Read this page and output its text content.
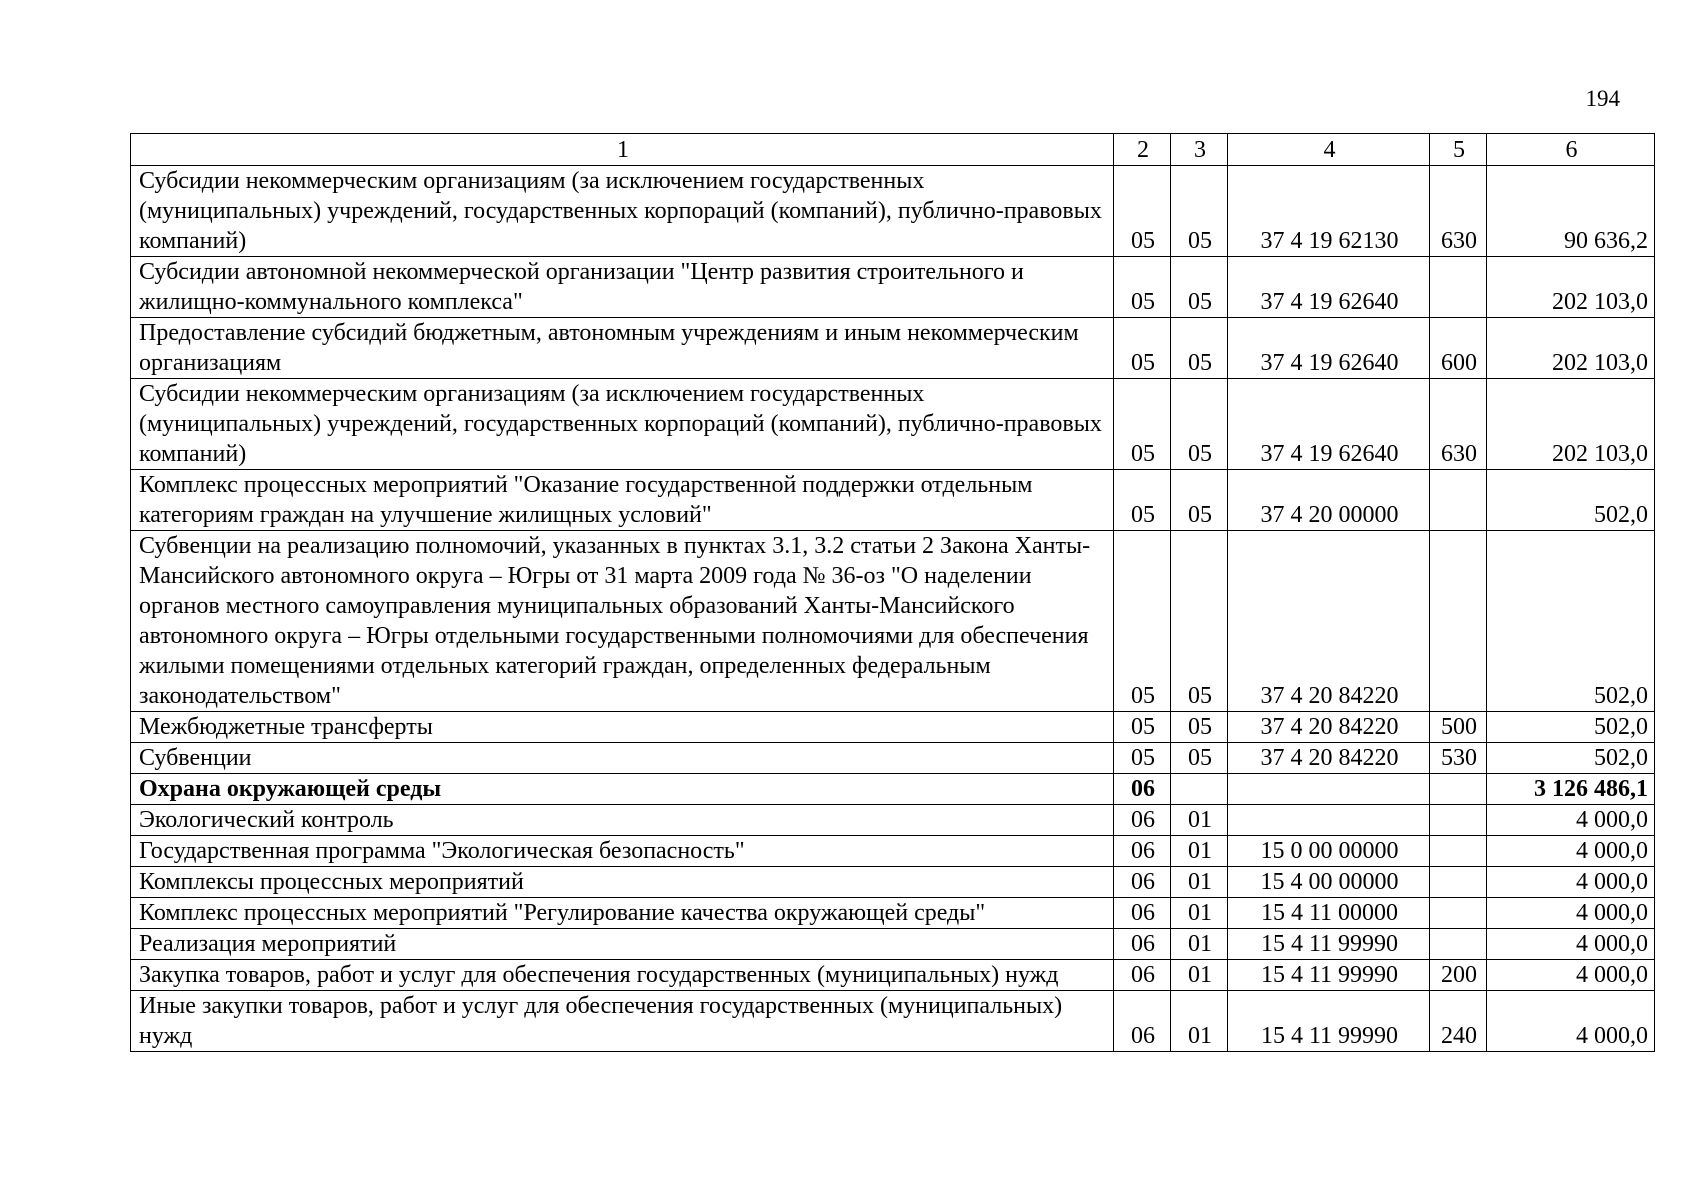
194
1	2	3	4	5	6
Субсидии некоммерческим организациям (за исключением государственных (муниципальных) учреждений, государственных корпораций (компаний), публично-правовых компаний)	05	05	37 4 19 62130	630	90 636,2
Субсидии автономной некоммерческой организации "Центр развития строительного и жилищно-коммунального комплекса"	05	05	37 4 19 62640		202 103,0
Предоставление субсидий бюджетным, автономным учреждениям и иным некоммерческим организациям	05	05	37 4 19 62640	600	202 103,0
Субсидии некоммерческим организациям (за исключением государственных (муниципальных) учреждений, государственных корпораций (компаний), публично-правовых компаний)	05	05	37 4 19 62640	630	202 103,0
Комплекс процессных мероприятий "Оказание государственной поддержки отдельным категориям граждан на улучшение жилищных условий"	05	05	37 4 20 00000		502,0
Субвенции на реализацию полномочий, указанных в пунктах 3.1, 3.2 статьи 2 Закона Ханты-Мансийского автономного округа – Югры от 31 марта 2009 года № 36-оз "О наделении органов местного самоуправления муниципальных образований Ханты-Мансийского автономного округа – Югры отдельными государственными полномочиями для обеспечения жилыми помещениями отдельных категорий граждан, определенных федеральным законодательством"	05	05	37 4 20 84220		502,0
Межбюджетные трансферты	05	05	37 4 20 84220	500	502,0
Субвенции	05	05	37 4 20 84220	530	502,0
Охрана окружающей среды	06				3 126 486,1
Экологический контроль	06	01			4 000,0
Государственная программа "Экологическая безопасность"	06	01	15 0 00 00000		4 000,0
Комплексы процессных мероприятий	06	01	15 4 00 00000		4 000,0
Комплекс процессных мероприятий "Регулирование качества окружающей среды"	06	01	15 4 11 00000		4 000,0
Реализация мероприятий	06	01	15 4 11 99990		4 000,0
Закупка товаров, работ и услуг для обеспечения государственных (муниципальных) нужд	06	01	15 4 11 99990	200	4 000,0
Иные закупки товаров, работ и услуг для обеспечения государственных (муниципальных) нужд	06	01	15 4 11 99990	240	4 000,0
